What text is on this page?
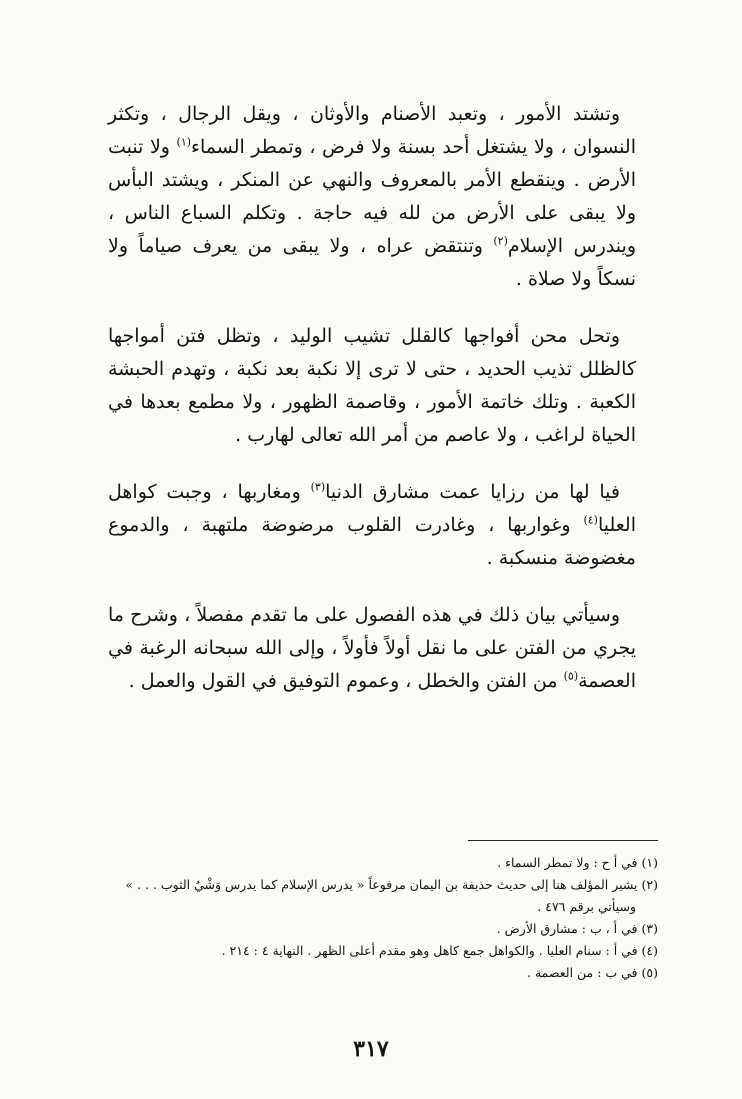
وتشتد الأمور ، وتعبد الأصنام والأوثان ، ويقل الرجال ، وتكثر النسوان ، ولا يشتغل أحد بسنة ولا فرض ، وتمطر السماء$^{(١)}$ ولا تنبت الأرض . وينقطع الأمر بالمعروف والنهي عن المنكر ، ويشتد البأس ولا يبقى على الأرض من لله فيه حاجة . وتكلم السباع الناس ، ويندرس الإسلام$^{(٢)}$ وتنتقض عراه ، ولا يبقى من يعرف صياماً ولا نسكاً ولا صلاة .

وتحل محن أفواجها كالقلل تشيب الوليد ، وتظل فتن أمواجها كالظلل تذيب الحديد ، حتى لا ترى إلا نكبة بعد نكبة ، وتهدم الحبشة الكعبة . وتلك خاتمة الأمور ، وقاصمة الظهور ، ولا مطمع بعدها في الحياة لراغب ، ولا عاصم من أمر الله تعالى لهارب .

فيا لها من رزايا عمت مشارق الدنيا$^{(٣)}$ ومغاربها ، وجبت كواهل العليا$^{(٤)}$ وغواربها ، وغادرت القلوب مرضوضة ملتهبة ، والدموع مغضوضة منسكبة .

وسيأتي بيان ذلك في هذه الفصول على ما تقدم مفصلاً ، وشرح ما يجري من الفتن على ما نقل أولاً فأولاً ، وإلى الله سبحانه الرغبة في العصمة$^{(٥)}$ من الفتن والخطل ، وعموم التوفيق في القول والعمل .

(١) في أ ح : ولا تمطر السماء .

(٢) يشير المؤلف هنا إلى حديث حذيفة بن اليمان مرفوعاً « يدرس الإسلام كما يدرس وَشْيُ الثوب . . . »

وسيأتي برقم ٤٧٦ .

(٣) في أ ، ب : مشارق الأرض .

(٤) في أ : سنام العليا . والكواهل جمع كاهل وهو مقدم أعلى الظهر . النهاية ٤ : ٢١٤ .

(٥) في ب : من العصمة .

٣١٧
